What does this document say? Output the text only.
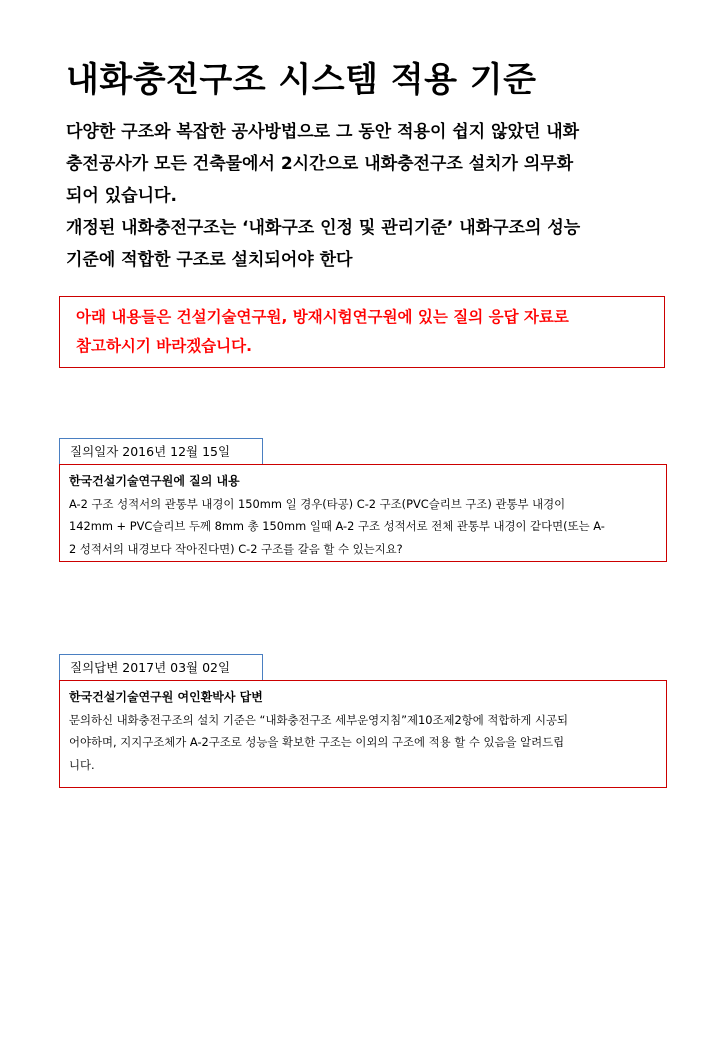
내화충전구조 시스템 적용 기준
다양한 구조와 복잡한 공사방법으로 그 동안 적용이 쉽지 않았던 내화
충전공사가 모든 건축물에서 2시간으로 내화충전구조 설치가 의무화
되어 있습니다.
개정된 내화충전구조는 ‘내화구조 인정 및 관리기준’ 내화구조의 성능
기준에 적합한 구조로 설치되어야 한다
아래 내용들은 건설기술연구원, 방재시험연구원에 있는 질의 응답 자료로
참고하시기 바라겠습니다.
질의일자 2016년 12월 15일
한국건설기술연구원에 질의 내용
A-2 구조 성적서의 관통부 내경이 150mm 일 경우(타공) C-2 구조(PVC슬리브 구조) 관통부 내경이
142mm + PVC슬리브 두께 8mm 총 150mm 일때 A-2 구조 성적서로 전체 관통부 내경이 같다면(또는 A-
2 성적서의 내경보다 작아진다면) C-2 구조를 갈음 할 수 있는지요?
질의답변 2017년 03월 02일
한국건설기술연구원 여인환박사 답변
문의하신 내화충전구조의 설치 기준은 “내화충전구조 세부운영지침”제10조제2항에 적합하게 시공되
어야하며, 지지구조체가 A-2구조로 성능을 확보한 구조는 이외의 구조에 적용 할 수 있음을 알려드립
니다.
